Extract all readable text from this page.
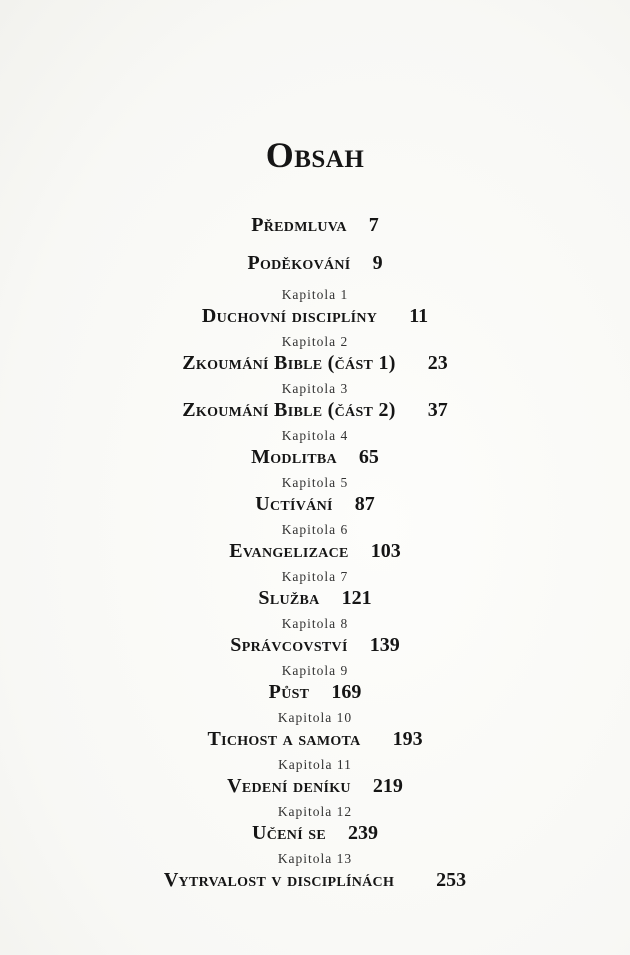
Obsah
Předmluva 7
Poděkování 9
Kapitola 1
Duchovní disciplíny 11
Kapitola 2
Zkoumání Bible (část 1) 23
Kapitola 3
Zkoumání Bible (část 2) 37
Kapitola 4
Modlitba 65
Kapitola 5
Uctívání 87
Kapitola 6
Evangelizace 103
Kapitola 7
Služba 121
Kapitola 8
Správcovství 139
Kapitola 9
Půst 169
Kapitola 10
Tichost a samota 193
Kapitola 11
Vedení deníku 219
Kapitola 12
Učení se 239
Kapitola 13
Vytrvalost v disciplínách 253
